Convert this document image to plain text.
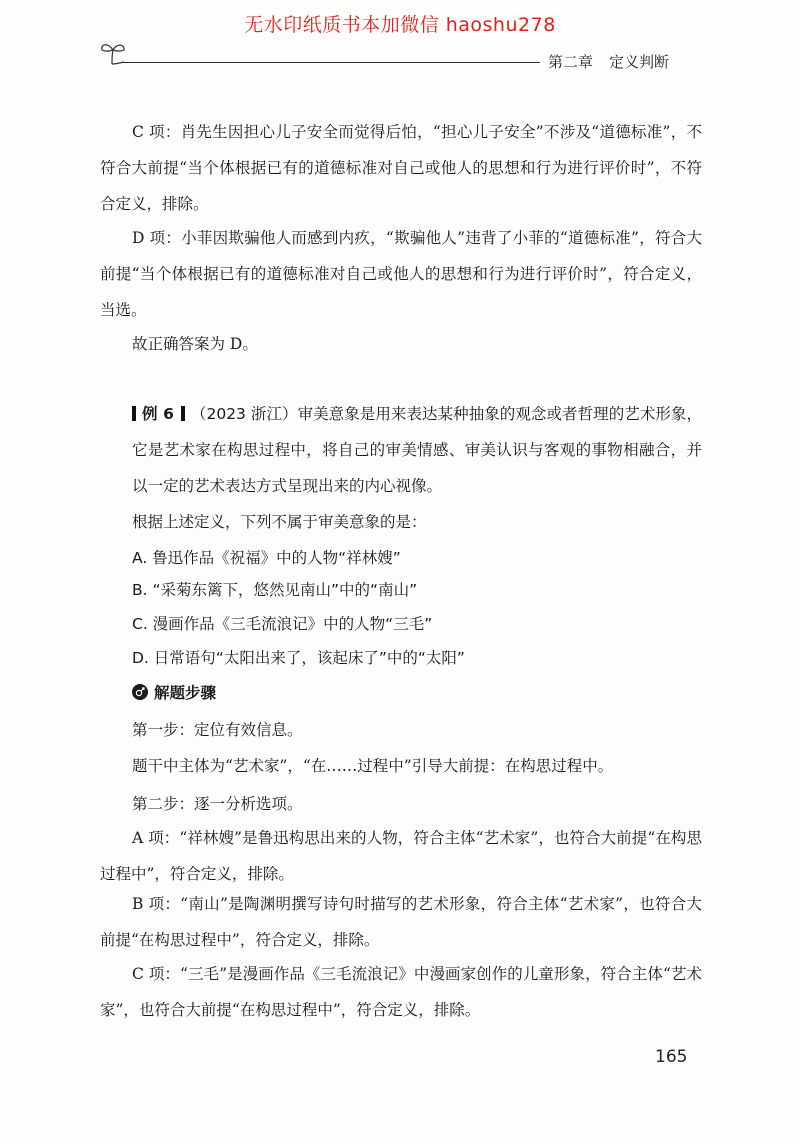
无水印纸质书本加微信 haoshu278
第二章 定义判断

C 项：肖先生因担心儿子安全而觉得后怕，“担心儿子安全”不涉及“道德标准”，不符合大前提“当个体根据已有的道德标准对自己或他人的思想和行为进行评价时”，不符合定义，排除。

D 项：小菲因欺骗他人而感到内疚，“欺骗他人”违背了小菲的“道德标准”，符合大前提“当个体根据已有的道德标准对自己或他人的思想和行为进行评价时”，符合定义，当选。

故正确答案为 D。

例 6 （2023 浙江）审美意象是用来表达某种抽象的观念或者哲理的艺术形象，它是艺术家在构思过程中，将自己的审美情感、审美认识与客观的事物相融合，并以一定的艺术表达方式呈现出来的内心视像。

根据上述定义，下列不属于审美意象的是：

A. 鲁迅作品《祝福》中的人物“祥林嫂”

B. “采菊东篱下，悠然见南山”中的“南山”

C. 漫画作品《三毛流浪记》中的人物“三毛”

D. 日常语句“太阳出来了，该起床了”中的“太阳”

解题步骤

第一步：定位有效信息。

题干中主体为“艺术家”，“在……过程中”引导大前提：在构思过程中。

第二步：逐一分析选项。

A 项：“祥林嫂”是鲁迅构思出来的人物，符合主体“艺术家”，也符合大前提“在构思过程中”，符合定义，排除。

B 项：“南山”是陶渊明撰写诗句时描写的艺术形象，符合主体“艺术家”，也符合大前提“在构思过程中”，符合定义，排除。

C 项：“三毛”是漫画作品《三毛流浪记》中漫画家创作的儿童形象，符合主体“艺术家”，也符合大前提“在构思过程中”，符合定义，排除。

165
